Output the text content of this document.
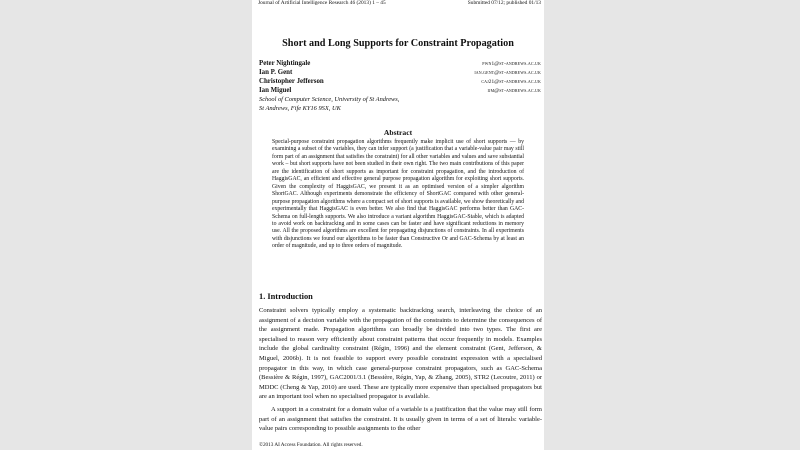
Journal of Artificial Intelligence Research 46 (2013) 1 – 45	Submitted 07/12; published 01/13
Short and Long Supports for Constraint Propagation
Peter Nightingale	pwn1@st-andrews.ac.uk
Ian P. Gent	ian.gent@st-andrews.ac.uk
Christopher Jefferson	caj21@st-andrews.ac.uk
Ian Miguel	ijm@st-andrews.ac.uk
School of Computer Science, University of St Andrews,
St Andrews, Fife KY16 9SX, UK
Abstract

Special-purpose constraint propagation algorithms frequently make implicit use of short supports — by examining a subset of the variables, they can infer support (a justification that a variable-value pair may still form part of an assignment that satisfies the constraint) for all other variables and values and save substantial work – but short supports have not been studied in their own right. The two main contributions of this paper are the identification of short supports as important for constraint propagation, and the introduction of HaggisGAC, an efficient and effective general purpose propagation algorithm for exploiting short supports. Given the complexity of HaggisGAC, we present it as an optimised version of a simpler algorithm ShortGAC. Although experiments demonstrate the efficiency of ShortGAC compared with other general-purpose propagation algorithms where a compact set of short supports is available, we show theoretically and experimentally that HaggisGAC is even better. We also find that HaggisGAC performs better than GAC-Schema on full-length supports. We also introduce a variant algorithm HaggisGAC-Stable, which is adapted to avoid work on backtracking and in some cases can be faster and have significant reductions in memory use. All the proposed algorithms are excellent for propagating disjunctions of constraints. In all experiments with disjunctions we found our algorithms to be faster than Constructive Or and GAC-Schema by at least an order of magnitude, and up to three orders of magnitude.

1. Introduction

Constraint solvers typically employ a systematic backtracking search, interleaving the choice of an assignment of a decision variable with the propagation of the constraints to determine the consequences of the assignment made. Propagation algorithms can broadly be divided into two types. The first are specialised to reason very efficiently about constraint patterns that occur frequently in models. Examples include the global cardinality constraint (Régin, 1996) and the element constraint (Gent, Jefferson, & Miguel, 2006b). It is not feasible to support every possible constraint expression with a specialised propagator in this way, in which case general-purpose constraint propagators, such as GAC-Schema (Bessière & Régin, 1997), GAC2001/3.1 (Bessière, Régin, Yap, & Zhang, 2005), STR2 (Lecoutre, 2011) or MDDC (Cheng & Yap, 2010) are used. These are typically more expensive than specialised propagators but are an important tool when no specialised propagator is available.

A support in a constraint for a domain value of a variable is a justification that the value may still form part of an assignment that satisfies the constraint. It is usually given in terms of a set of literals: variable-value pairs corresponding to possible assignments to the other

©2013 AI Access Foundation. All rights reserved.
